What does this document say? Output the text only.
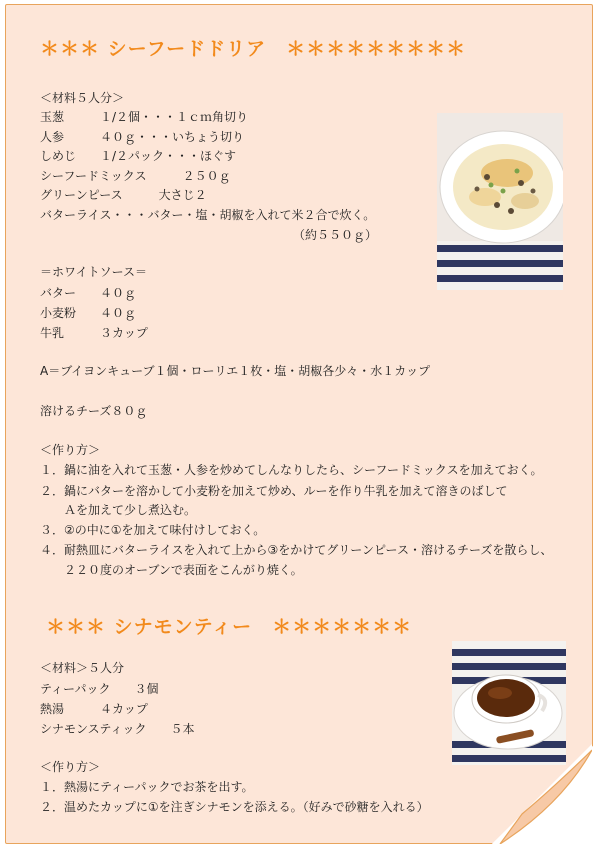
＊＊＊ シーフードドリア　＊＊＊＊＊＊＊＊＊
＜材料５人分＞
玉葱　　　１/２個・・・１ｃｍ角切り
人参　　　４０ｇ・・・いちょう切り
しめじ　　１/２パック・・・ほぐす
シーフードミックス　　　２５０ｇ
グリーンピース　　　大さじ２
バターライス・・・バター・塩・胡椒を入れて米２合で炊く。
（約５５０ｇ）
＝ホワイトソース＝
バター　　４０ｇ
小麦粉　　４０ｇ
牛乳　　　３カップ
A＝ブイヨンキューブ１個・ローリエ１枚・塩・胡椒各少々・水１カップ
溶けるチーズ８０ｇ
＜作り方＞
１．鍋に油を入れて玉葱・人参を炒めてしんなりしたら、シーフードミックスを加えておく。
２．鍋にバターを溶かして小麦粉を加えて炒め、ルーを作り牛乳を加えて溶きのばして
Ａを加えて少し煮込む。
３．②の中に①を加えて味付けしておく。
４．耐熱皿にバターライスを入れて上から③をかけてグリーンピース・溶けるチーズを散らし、
２２０度のオーブンで表面をこんがり焼く。
＊＊＊ シナモンティー　＊＊＊＊＊＊＊
＜材料＞５人分
ティーパック　　３個
熱湯　　　４カップ
シナモンスティック　　５本
＜作り方＞
１．熱湯にティーパックでお茶を出す。
２．温めたカップに①を注ぎシナモンを添える。（好みで砂糖を入れる）
